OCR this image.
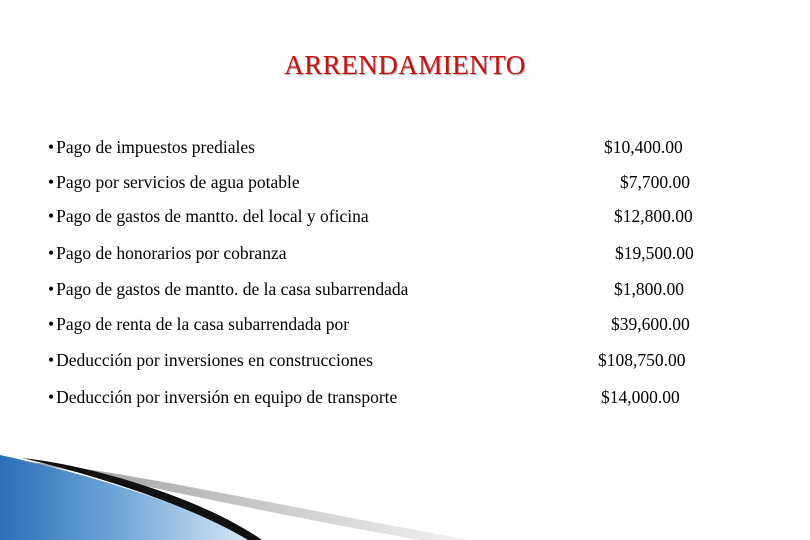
ARRENDAMIENTO
• Pago de impuestos prediales	$10,400.00
• Pago por servicios de agua potable	$7,700.00
• Pago de gastos de mantto. del local y oficina	$12,800.00
• Pago de honorarios por cobranza	$19,500.00
• Pago de gastos de mantto. de la casa subarrendada	$1,800.00
• Pago de renta de la casa subarrendada por	$39,600.00
• Deducción por inversiones en construcciones	$108,750.00
• Deducción por inversión en equipo de transporte	$14,000.00
